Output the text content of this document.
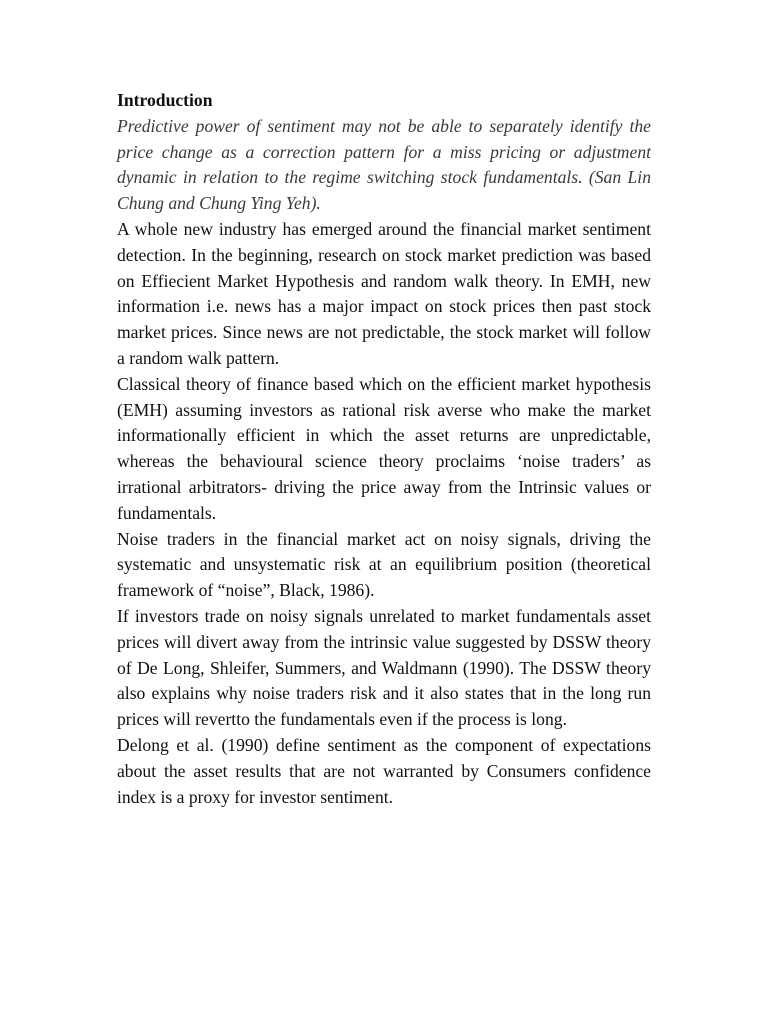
Introduction

Predictive power of sentiment may not be able to separately identify the price change as a correction pattern for a miss pricing or adjustment dynamic in relation to the regime switching stock fundamentals. (San Lin Chung and Chung Ying Yeh).

A whole new industry has emerged around the financial market sentiment detection. In the beginning, research on stock market prediction was based on Effiecient Market Hypothesis and random walk theory. In EMH, new information i.e. news has a major impact on stock prices then past stock market prices. Since news are not predictable, the stock market will follow a random walk pattern.

Classical theory of finance based which on the efficient market hypothesis (EMH) assuming investors as rational risk averse who make the market informationally efficient in which the asset returns are unpredictable, whereas the behavioural science theory proclaims ‘noise traders’ as irrational arbitrators- driving the price away from the Intrinsic values or fundamentals.

Noise traders in the financial market act on noisy signals, driving the systematic and unsystematic risk at an equilibrium position (theoretical framework of “noise”, Black, 1986).

If investors trade on noisy signals unrelated to market fundamentals asset prices will divert away from the intrinsic value suggested by DSSW theory of De Long, Shleifer, Summers, and Waldmann (1990). The DSSW theory also explains why noise traders risk and it also states that in the long run prices will revertto the fundamentals even if the process is long.

Delong et al. (1990) define sentiment as the component of expectations about the asset results that are not warranted by Consumers confidence index is a proxy for investor sentiment.
